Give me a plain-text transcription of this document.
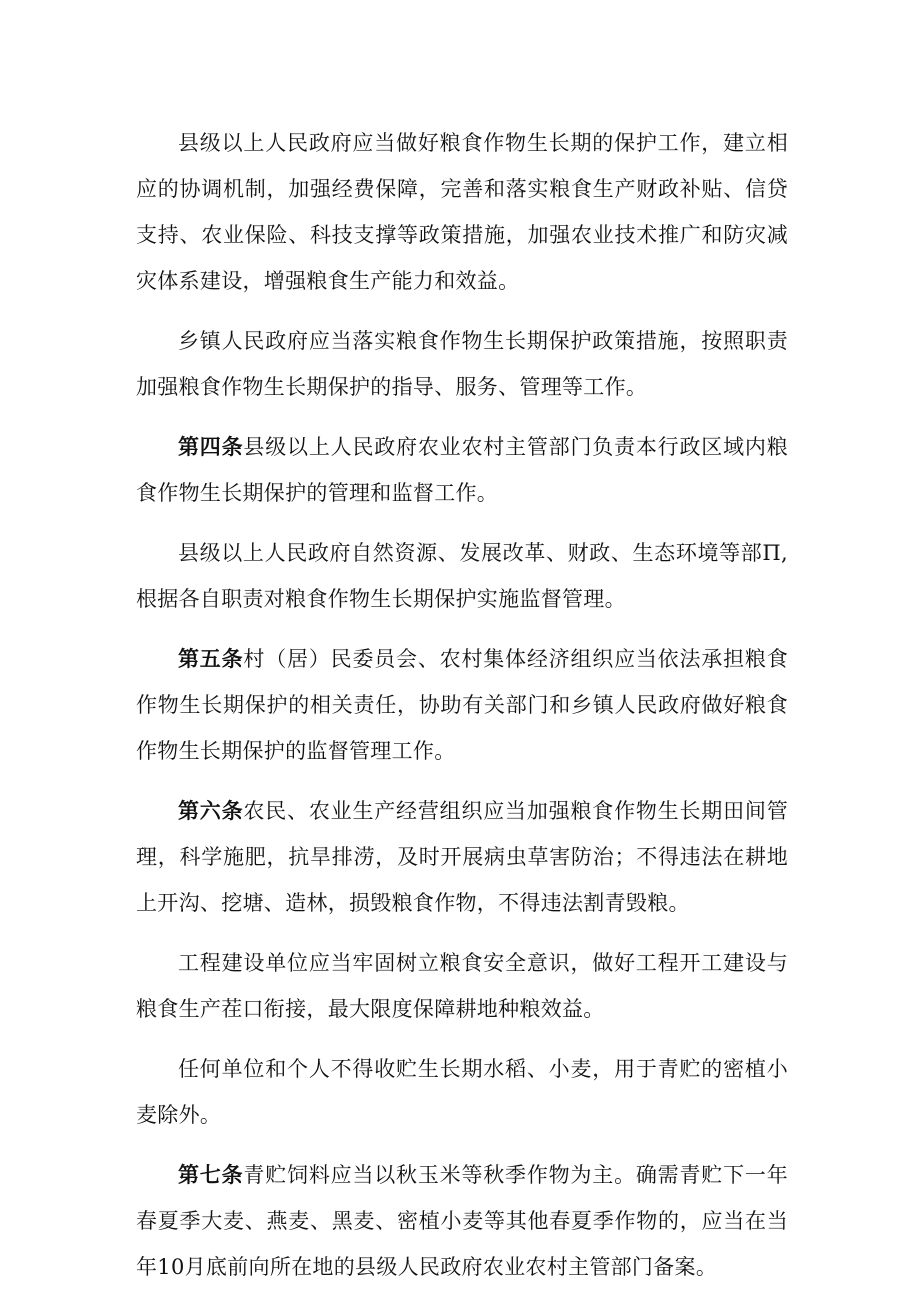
县级以上人民政府应当做好粮食作物生长期的保护工作，建立相应的协调机制，加强经费保障，完善和落实粮食生产财政补贴、信贷支持、农业保险、科技支撑等政策措施，加强农业技术推广和防灾减灾体系建设，增强粮食生产能力和效益。

乡镇人民政府应当落实粮食作物生长期保护政策措施，按照职责加强粮食作物生长期保护的指导、服务、管理等工作。

第四条县级以上人民政府农业农村主管部门负责本行政区域内粮食作物生长期保护的管理和监督工作。

县级以上人民政府自然资源、发展改革、财政、生态环境等部Π,根据各自职责对粮食作物生长期保护实施监督管理。

第五条村（居）民委员会、农村集体经济组织应当依法承担粮食作物生长期保护的相关责任，协助有关部门和乡镇人民政府做好粮食作物生长期保护的监督管理工作。

第六条农民、农业生产经营组织应当加强粮食作物生长期田间管理，科学施肥，抗旱排涝，及时开展病虫草害防治；不得违法在耕地上开沟、挖塘、造林，损毁粮食作物，不得违法割青毁粮。

工程建设单位应当牢固树立粮食安全意识，做好工程开工建设与粮食生产茬口衔接，最大限度保障耕地种粮效益。

任何单位和个人不得收贮生长期水稻、小麦，用于青贮的密植小麦除外。

第七条青贮饲料应当以秋玉米等秋季作物为主。确需青贮下一年春夏季大麦、燕麦、黑麦、密植小麦等其他春夏季作物的，应当在当年10月底前向所在地的县级人民政府农业农村主管部门备案。
